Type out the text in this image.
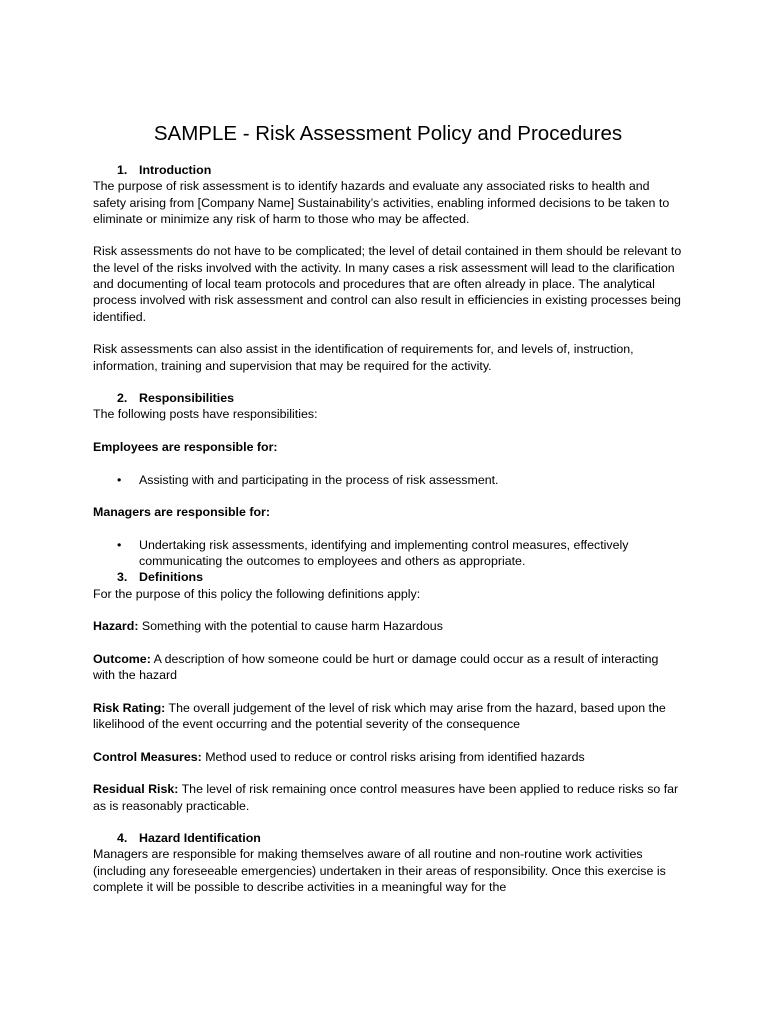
SAMPLE - Risk Assessment Policy and Procedures
1. Introduction

The purpose of risk assessment is to identify hazards and evaluate any associated risks to health and safety arising from [Company Name] Sustainability’s activities, enabling informed decisions to be taken to eliminate or minimize any risk of harm to those who may be affected.

Risk assessments do not have to be complicated; the level of detail contained in them should be relevant to the level of the risks involved with the activity. In many cases a risk assessment will lead to the clarification and documenting of local team protocols and procedures that are often already in place. The analytical process involved with risk assessment and control can also result in efficiencies in existing processes being identified.

Risk assessments can also assist in the identification of requirements for, and levels of, instruction, information, training and supervision that may be required for the activity.

2. Responsibilities

The following posts have responsibilities:

Employees are responsible for:

• Assisting with and participating in the process of risk assessment.

Managers are responsible for:

• Undertaking risk assessments, identifying and implementing control measures, effectively communicating the outcomes to employees and others as appropriate.
3. Definitions

For the purpose of this policy the following definitions apply:

Hazard: Something with the potential to cause harm Hazardous

Outcome: A description of how someone could be hurt or damage could occur as a result of interacting with the hazard

Risk Rating: The overall judgement of the level of risk which may arise from the hazard, based upon the likelihood of the event occurring and the potential severity of the consequence

Control Measures: Method used to reduce or control risks arising from identified hazards

Residual Risk: The level of risk remaining once control measures have been applied to reduce risks so far as is reasonably practicable.

4. Hazard Identification

Managers are responsible for making themselves aware of all routine and non-routine work activities (including any foreseeable emergencies) undertaken in their areas of responsibility. Once this exercise is complete it will be possible to describe activities in a meaningful way for the
